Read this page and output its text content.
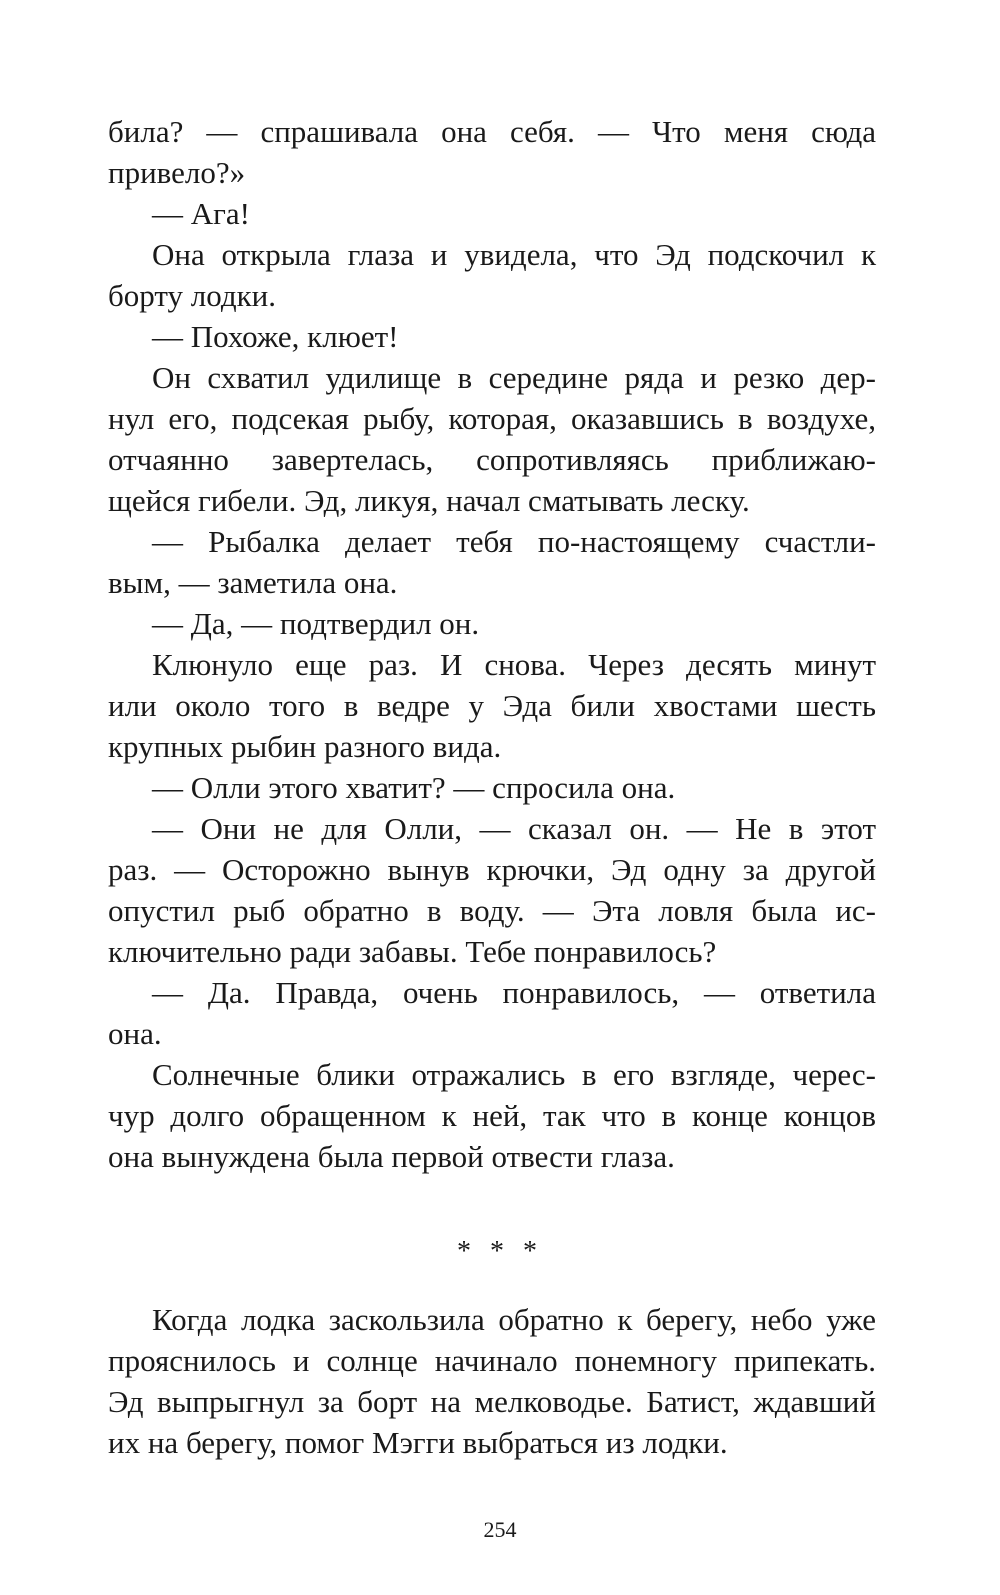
била? — спрашивала она себя. — Что меня сюда
привело?»
— Ага!
Она открыла глаза и увидела, что Эд подскочил к
борту лодки.
— Похоже, клюет!
Он схватил удилище в середине ряда и резко дер-
нул его, подсекая рыбу, которая, оказавшись в воздухе,
отчаянно завертелась, сопротивляясь приближаю-
щейся гибели. Эд, ликуя, начал сматывать леску.
— Рыбалка делает тебя по-настоящему счастли-
вым, — заметила она.
— Да, — подтвердил он.
Клюнуло еще раз. И снова. Через десять минут
или около того в ведре у Эда били хвостами шесть
крупных рыбин разного вида.
— Олли этого хватит? — спросила она.
— Они не для Олли, — сказал он. — Не в этот
раз. — Осторожно вынув крючки, Эд одну за другой
опустил рыб обратно в воду. — Эта ловля была ис-
ключительно ради забавы. Тебе понравилось?
— Да. Правда, очень понравилось, — ответила
она.
Солнечные блики отражались в его взгляде, черес-
чур долго обращенном к ней, так что в конце концов
она вынуждена была первой отвести глаза.
* * *
Когда лодка заскользила обратно к берегу, небо уже
прояснилось и солнце начинало понемногу припекать.
Эд выпрыгнул за борт на мелководье. Батист, ждавший
их на берегу, помог Мэгги выбраться из лодки.
254
